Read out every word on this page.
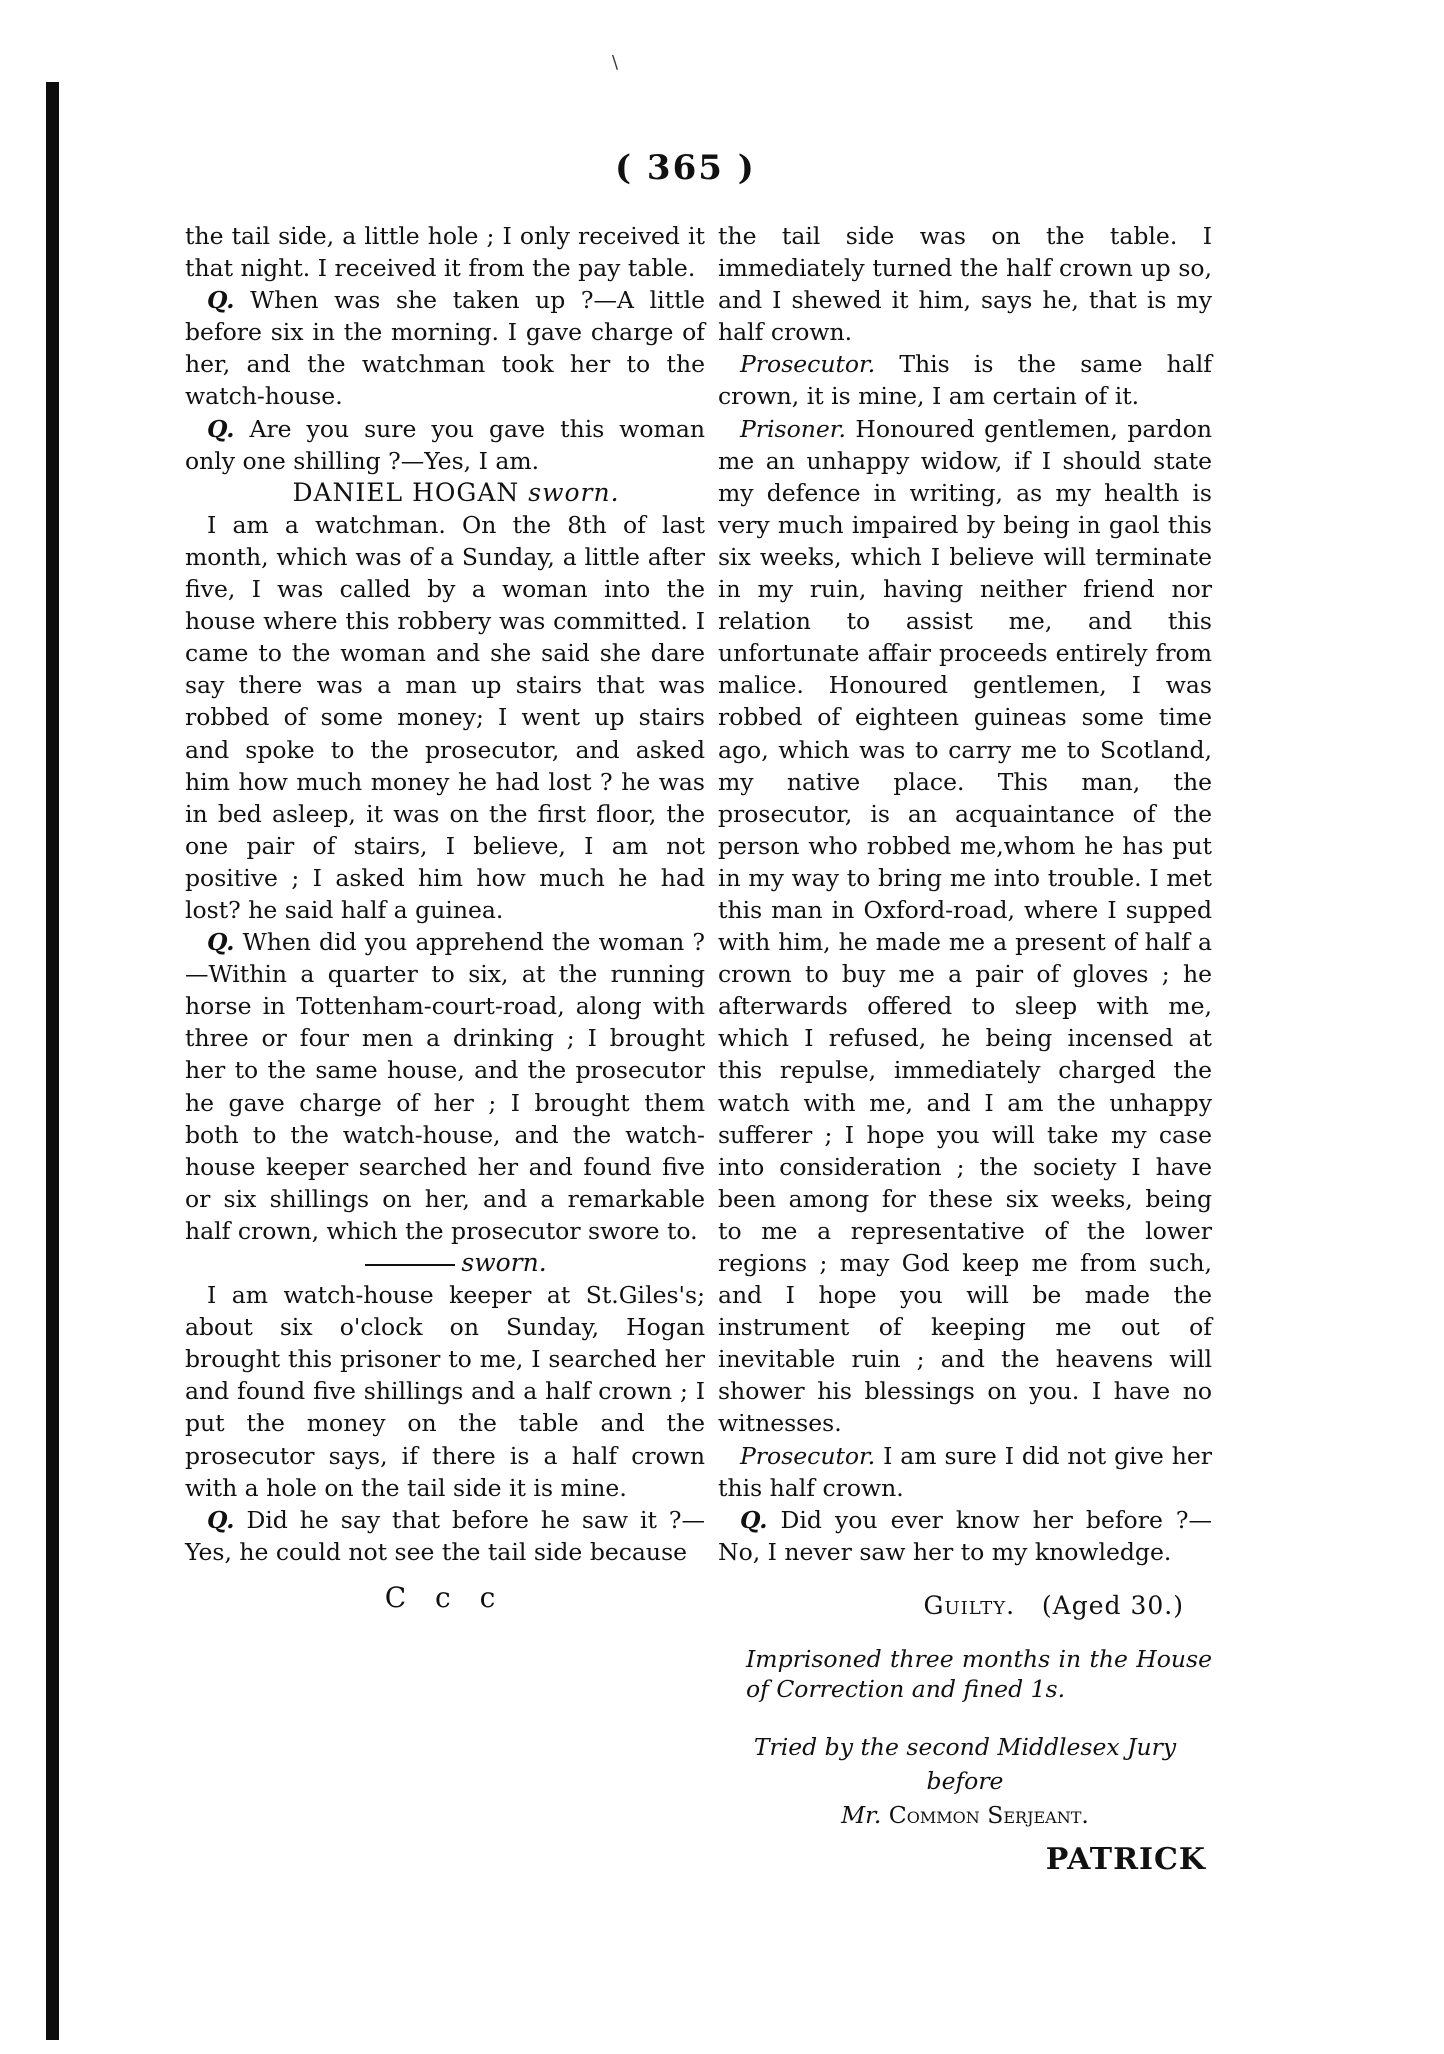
\
( 365 )

the tail side, a little hole ; I only received it that night. I received it from the pay table.

Q. When was she taken up ?—A little before six in the morning. I gave charge of her, and the watchman took her to the watch-house.

Q. Are you sure you gave this woman only one shilling ?—Yes, I am.

DANIEL HOGAN sworn.

I am a watchman. On the 8th of last month, which was of a Sunday, a little after five, I was called by a woman into the house where this robbery was committed. I came to the woman and she said she dare say there was a man up stairs that was robbed of some money; I went up stairs and spoke to the prosecutor, and asked him how much money he had lost ? he was in bed asleep, it was on the first floor, the one pair of stairs, I believe, I am not positive ; I asked him how much he had lost? he said half a guinea.

Q. When did you apprehend the woman ?—Within a quarter to six, at the running horse in Tottenham-court-road, along with three or four men a drinking ; I brought her to the same house, and the prosecutor he gave charge of her ; I brought them both to the watch-house, and the watch-house keeper searched her and found five or six shillings on her, and a remarkable half crown, which the prosecutor swore to.

sworn.

I am watch-house keeper at St.Giles's; about six o'clock on Sunday, Hogan brought this prisoner to me, I searched her and found five shillings and a half crown ; I put the money on the table and the prosecutor says, if there is a half crown with a hole on the tail side it is mine.

Q. Did he say that before he saw it ?—Yes, he could not see the tail side because

C c c

the tail side was on the table. I immediately turned the half crown up so, and I shewed it him, says he, that is my half crown.

Prosecutor. This is the same half crown, it is mine, I am certain of it.

Prisoner. Honoured gentlemen, pardon me an unhappy widow, if I should state my defence in writing, as my health is very much impaired by being in gaol this six weeks, which I believe will terminate in my ruin, having neither friend nor relation to assist me, and this unfortunate affair proceeds entirely from malice. Honoured gentlemen, I was robbed of eighteen guineas some time ago, which was to carry me to Scotland, my native place. This man, the prosecutor, is an acquaintance of the person who robbed me,whom he has put in my way to bring me into trouble. I met this man in Oxford-road, where I supped with him, he made me a present of half a crown to buy me a pair of gloves ; he afterwards offered to sleep with me, which I refused, he being incensed at this repulse, immediately charged the watch with me, and I am the unhappy sufferer ; I hope you will take my case into consideration ; the society I have been among for these six weeks, being to me a representative of the lower regions ; may God keep me from such, and I hope you will be made the instrument of keeping me out of inevitable ruin ; and the heavens will shower his blessings on you. I have no witnesses.

Prosecutor. I am sure I did not give her this half crown.

Q. Did you ever know her before ?—No, I never saw her to my knowledge.

Guilty. (Aged 30.)
Imprisoned three months in the House of Correction and fined 1s.
Tried by the second Middlesex Jury before
Mr. Common Serjeant.
PATRICK
